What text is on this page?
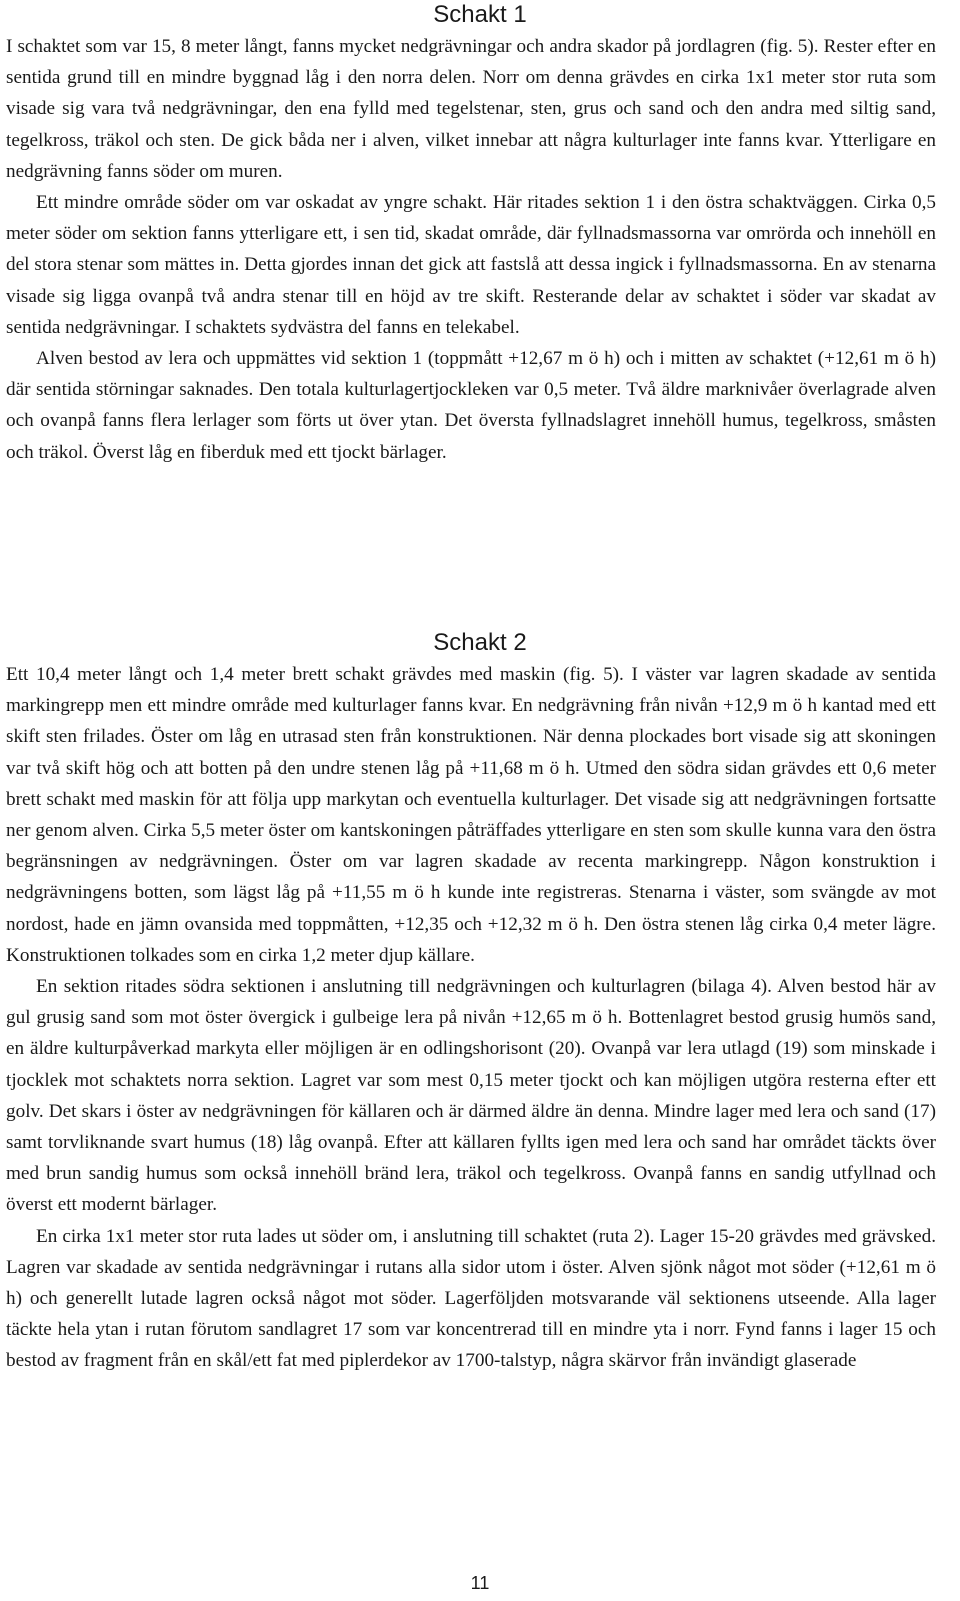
Schakt 1

I schaktet som var 15, 8 meter långt, fanns mycket nedgrävningar och andra skador på jordlagren (fig. 5). Rester efter en sentida grund till en mindre byggnad låg i den norra delen. Norr om denna grävdes en cirka 1x1 meter stor ruta som visade sig vara två nedgrävningar, den ena fylld med tegelstenar, sten, grus och sand och den andra med siltig sand, tegelkross, träkol och sten. De gick båda ner i alven, vilket innebar att några kulturlager inte fanns kvar. Ytterligare en nedgrävning fanns söder om muren.

Ett mindre område söder om var oskadat av yngre schakt. Här ritades sektion 1 i den östra schaktväggen. Cirka 0,5 meter söder om sektion fanns ytterligare ett, i sen tid, skadat område, där fyllnadsmassorna var omrörda och innehöll en del stora stenar som mättes in. Detta gjordes innan det gick att fastslå att dessa ingick i fyllnadsmassorna. En av stenarna visade sig ligga ovanpå två andra stenar till en höjd av tre skift. Resterande delar av schaktet i söder var skadat av sentida nedgrävningar. I schaktets sydvästra del fanns en telekabel.

Alven bestod av lera och uppmättes vid sektion 1 (toppmått +12,67 m ö h) och i mitten av schaktet (+12,61 m ö h) där sentida störningar saknades. Den totala kulturlagertjockleken var 0,5 meter. Två äldre marknivåer överlagrade alven och ovanpå fanns flera lerlager som förts ut över ytan. Det översta fyllnadslagret innehöll humus, tegelkross, småsten och träkol. Överst låg en fiberduk med ett tjockt bärlager.

Schakt 2

Ett 10,4 meter långt och 1,4 meter brett schakt grävdes med maskin (fig. 5). I väster var lagren skadade av sentida markingrepp men ett mindre område med kulturlager fanns kvar. En nedgrävning från nivån +12,9 m ö h kantad med ett skift sten frilades. Öster om låg en utrasad sten från konstruktionen. När denna plockades bort visade sig att skoningen var två skift hög och att botten på den undre stenen låg på +11,68 m ö h. Utmed den södra sidan grävdes ett 0,6 meter brett schakt med maskin för att följa upp markytan och eventuella kulturlager. Det visade sig att nedgrävningen fortsatte ner genom alven. Cirka 5,5 meter öster om kantskoningen påträffades ytterligare en sten som skulle kunna vara den östra begränsningen av nedgrävningen. Öster om var lagren skadade av recenta markingrepp. Någon konstruktion i nedgrävningens botten, som lägst låg på +11,55 m ö h kunde inte registreras. Stenarna i väster, som svängde av mot nordost, hade en jämn ovansida med toppmåtten, +12,35 och +12,32 m ö h. Den östra stenen låg cirka 0,4 meter lägre. Konstruktionen tolkades som en cirka 1,2 meter djup källare.

En sektion ritades södra sektionen i anslutning till nedgrävningen och kulturlagren (bilaga 4). Alven bestod här av gul grusig sand som mot öster övergick i gulbeige lera på nivån +12,65 m ö h. Bottenlagret bestod grusig humös sand, en äldre kulturpåverkad markyta eller möjligen är en odlingshorisont (20). Ovanpå var lera utlagd (19) som minskade i tjocklek mot schaktets norra sektion. Lagret var som mest 0,15 meter tjockt och kan möjligen utgöra resterna efter ett golv. Det skars i öster av nedgrävningen för källaren och är därmed äldre än denna. Mindre lager med lera och sand (17) samt torvliknande svart humus (18) låg ovanpå. Efter att källaren fyllts igen med lera och sand har området täckts över med brun sandig humus som också innehöll bränd lera, träkol och tegelkross. Ovanpå fanns en sandig utfyllnad och överst ett modernt bärlager.

En cirka 1x1 meter stor ruta lades ut söder om, i anslutning till schaktet (ruta 2). Lager 15-20 grävdes med grävsked. Lagren var skadade av sentida nedgrävningar i rutans alla sidor utom i öster. Alven sjönk något mot söder (+12,61 m ö h) och generellt lutade lagren också något mot söder. Lagerföljden motsvarande väl sektionens utseende. Alla lager täckte hela ytan i rutan förutom sandlagret 17 som var koncentrerad till en mindre yta i norr. Fynd fanns i lager 15 och bestod av fragment från en skål/ett fat med piplerdekor av 1700-talstyp, några skärvor från invändigt glaserade

11
